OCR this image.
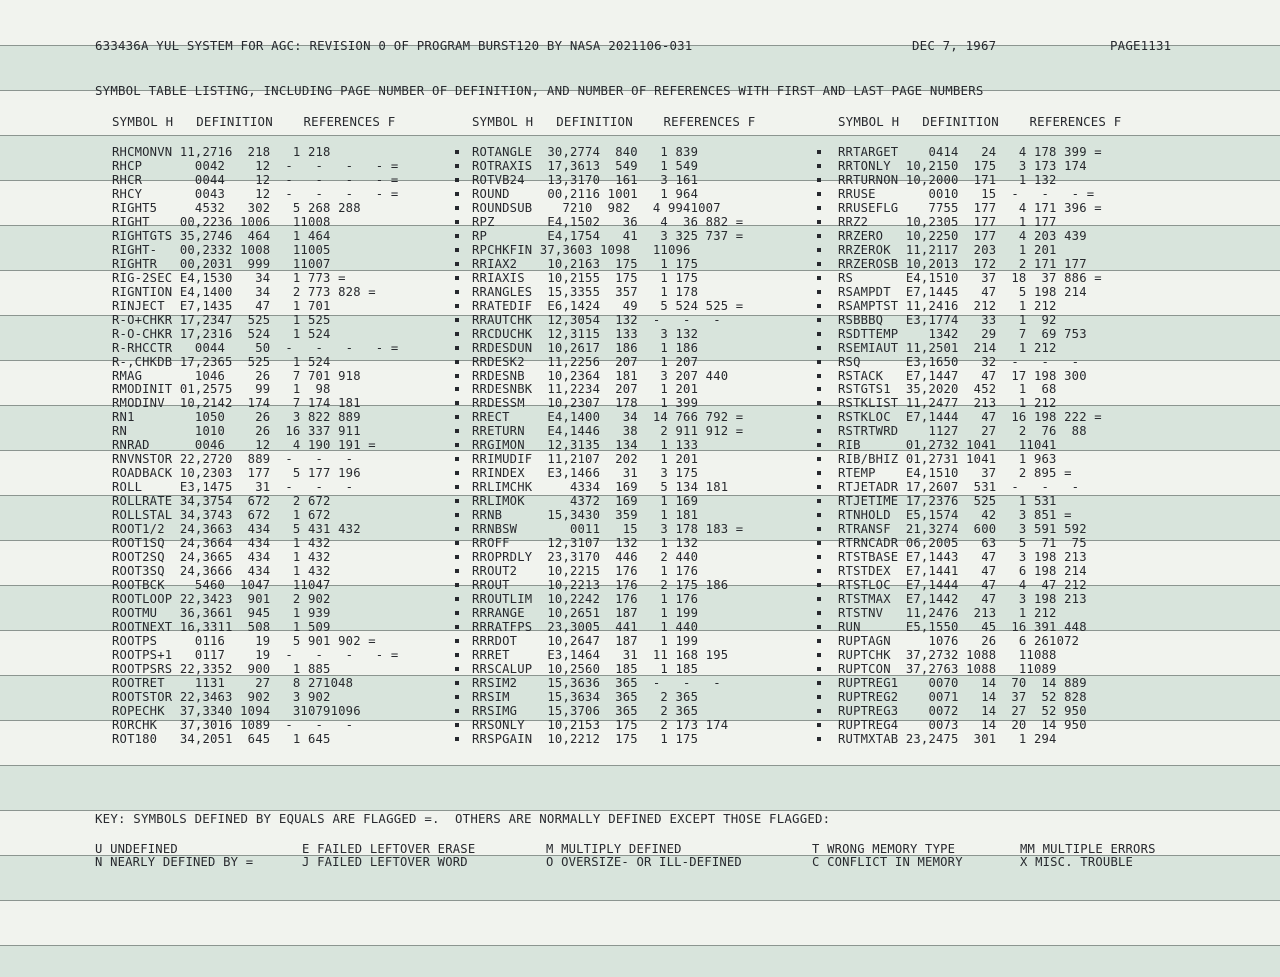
633436A YUL SYSTEM FOR AGC: REVISION 0 OF PROGRAM BURST120 BY NASA 2021106-031	DEC 7, 1967	PAGE1131
SYMBOL TABLE LISTING, INCLUDING PAGE NUMBER OF DEFINITION, AND NUMBER OF REFERENCES WITH FIRST AND LAST PAGE NUMBERS
SYMBOL H   DEFINITION    REFERENCES F	SYMBOL H   DEFINITION    REFERENCES F	SYMBOL H   DEFINITION    REFERENCES F
RHCMONVN 11,2716  218   1 218	ROTANGLE  30,2774  840   1 839	RRTARGET    0414   24   4 178 399 =
RHCP       0042    12  -   -   -   - =	ROTRAXIS  17,3613  549   1 549	RRTONLY  10,2150  175   3 173 174
RHCR       0044    12  -   -   -   - =	ROTVB24   13,3170  161   3 161	RRTURNON 10,2000  171   1 132
RHCY       0043    12  -   -   -   - =	ROUND     00,2116 1001   1 964	RRUSE       0010   15  -   -   - =
RIGHT5     4532   302   5 268 288	ROUNDSUB    7210  982   4 9941007	RRUSEFLG    7755  177   4 171 396 =
RIGHT    00,2236 1006   11008	RPZ       E4,1502   36   4  36 882 =	RRZ2     10,2305  177   1 177
RIGHTGTS 35,2746  464   1 464	RP        E4,1754   41   3 325 737 =	RRZERO   10,2250  177   4 203 439
RIGHT-   00,2332 1008   11005	RPCHKFIN 37,3603 1098   11096	RRZEROK  11,2117  203   1 201
RIGHTR   00,2031  999   11007	RRIAX2    10,2163  175   1 175	RRZEROSB 10,2013  172   2 171 177
RIG-2SEC E4,1530   34   1 773 =	RRIAXIS   10,2155  175   1 175	RS       E4,1510   37  18  37 886 =
RIGNTION E4,1400   34   2 773 828 =	RRANGLES  15,3355  357   1 178	RSAMPDT  E7,1445   47   5 198 214
RINJECT  E7,1435   47   1 701	RRATEDIF  E6,1424   49   5 524 525 =	RSAMPTST 11,2416  212   1 212
R-O+CHKR 17,2347  525   1 525	RRAUTCHK  12,3054  132  -   -   -	RSBBBQ   E3,1774   33   1  92
R-O-CHKR 17,2316  524   1 524	RRCDUCHK  12,3115  133   3 132	RSDTTEMP    1342   29   7  69 753
R-RHCCTR   0044    50  -   -   -   - =	RRDESDUN  10,2617  186   1 186	RSEMIAUT 11,2501  214   1 212
R-,CHKDB 17,2365  525   1 524	RRDESK2   11,2256  207   1 207	RSQ      E3,1650   32  -   -   -
RMAG       1046    26   7 701 918	RRDESNB   10,2364  181   3 207 440	RSTACK   E7,1447   47  17 198 300
RMODINIT 01,2575   99   1  98	RRDESNBK  11,2234  207   1 201	RSTGTS1  35,2020  452   1  68
RMODINV  10,2142  174   7 174 181	RRDESSM   10,2307  178   1 399	RSTKLIST 11,2477  213   1 212
RN1        1050    26   3 822 889	RRECT     E4,1400   34  14 766 792 =	RSTKLOC  E7,1444   47  16 198 222 =
RN         1010    26  16 337 911	RRETURN   E4,1446   38   2 911 912 =	RSTRTWRD    1127   27   2  76  88
RNRAD      0046    12   4 190 191 =	RRGIMON   12,3135  134   1 133	RIB      01,2732 1041   11041
RNVNSTOR 22,2720  889  -   -   -	RRIMUDIF  11,2107  202   1 201	RIB/BHIZ 01,2731 1041   1 963
ROADBACK 10,2303  177   5 177 196	RRINDEX   E3,1466   31   3 175	RTEMP    E4,1510   37   2 895 =
ROLL     E3,1475   31  -   -   -	RRLIMCHK     4334  169   5 134 181	RTJETADR 17,2607  531  -   -   -
ROLLRATE 34,3754  672   2 672	RRLIMOK      4372  169   1 169	RTJETIME 17,2376  525   1 531
ROLLSTAL 34,3743  672   1 672	RRNB      15,3430  359   1 181	RTNHOLD  E5,1574   42   3 851 =
ROOT1/2  24,3663  434   5 431 432	RRNBSW       0011   15   3 178 183 =	RTRANSF  21,3274  600   3 591 592
ROOT1SQ  24,3664  434   1 432	RROFF     12,3107  132   1 132	RTRNCADR 06,2005   63   5  71  75
ROOT2SQ  24,3665  434   1 432	RROPRDLY  23,3170  446   2 440	RTSTBASE E7,1443   47   3 198 213
ROOT3SQ  24,3666  434   1 432	RROUT2    10,2215  176   1 176	RTSTDEX  E7,1441   47   6 198 214
ROOTBCK    5460  1047   11047	RROUT     10,2213  176   2 175 186	RTSTLOC  E7,1444   47   4  47 212
ROOTLOOP 22,3423  901   2 902	RROUTLIM  10,2242  176   1 176	RTSTMAX  E7,1442   47   3 198 213
ROOTMU   36,3661  945   1 939	RRRANGE   10,2651  187   1 199	RTSTNV   11,2476  213   1 212
ROOTNEXT 16,3311  508   1 509	RRRATFPS  23,3005  441   1 440	RUN      E5,1550   45  16 391 448
ROOTPS     0116    19   5 901 902 =	RRRDOT    10,2647  187   1 199	RUPTAGN     1076   26   6 261072
ROOTPS+1   0117    19  -   -   -   - =	RRRET     E3,1464   31  11 168 195	RUPTCHK  37,2732 1088   11088
ROOTPSRS 22,3352  900   1 885	RRSCALUP  10,2560  185   1 185	RUPTCON  37,2763 1088   11089
ROOTRET    1131    27   8 271048	RRSIM2    15,3636  365  -   -   -	RUPTREG1    0070   14  70  14 889
ROOTSTOR 22,3463  902   3 902	RRSIM     15,3634  365   2 365	RUPTREG2    0071   14  37  52 828
ROPECHK  37,3340 1094   310791096	RRSIMG    15,3706  365   2 365	RUPTREG3    0072   14  27  52 950
RORCHK   37,3016 1089  -   -   -	RRSONLY   10,2153  175   2 173 174	RUPTREG4    0073   14  20  14 950
ROT180   34,2051  645   1 645	RRSPGAIN  10,2212  175   1 175	RUTMXTAB 23,2475  301   1 294
KEY: SYMBOLS DEFINED BY EQUALS ARE FLAGGED =.  OTHERS ARE NORMALLY DEFINED EXCEPT THOSE FLAGGED:
U UNDEFINED	E FAILED LEFTOVER ERASE	M MULTIPLY DEFINED	T WRONG MEMORY TYPE	MM MULTIPLE ERRORS
N NEARLY DEFINED BY =	J FAILED LEFTOVER WORD	O OVERSIZE- OR ILL-DEFINED	C CONFLICT IN MEMORY	X MISC. TROUBLE
